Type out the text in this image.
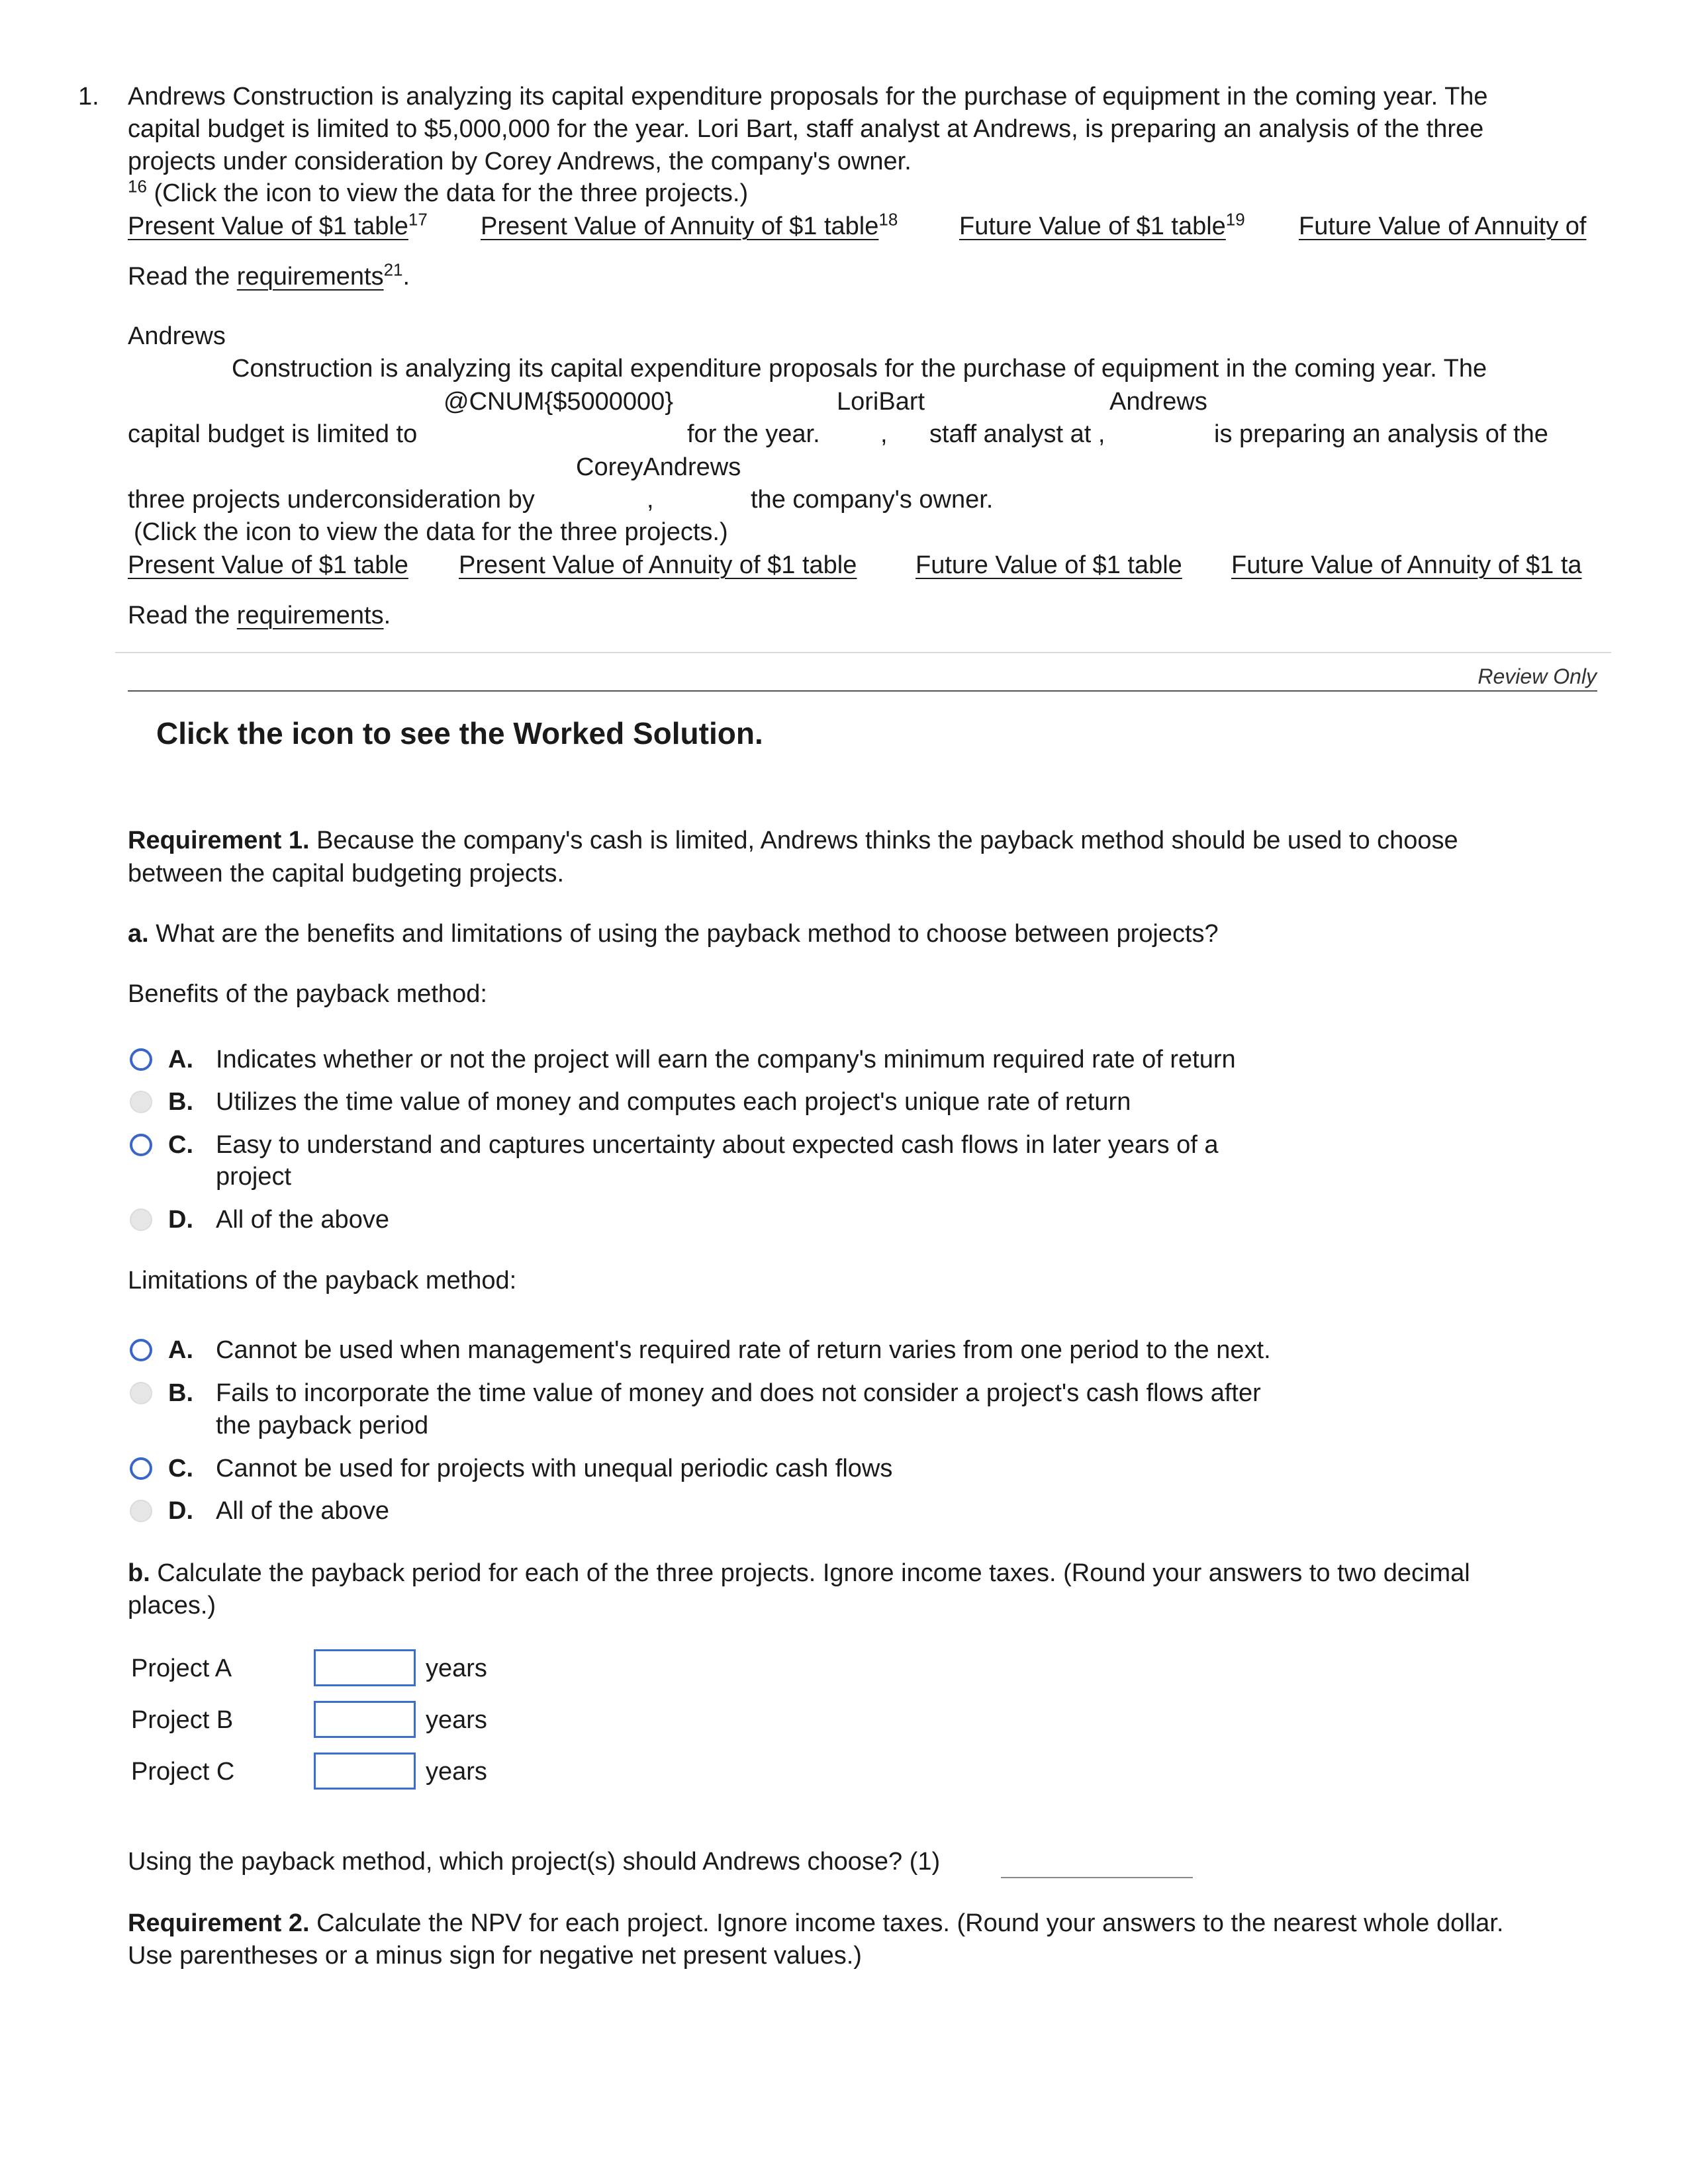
1. Andrews Construction is analyzing its capital expenditure proposals for the purchase of equipment in the coming year. The
capital budget is limited to $5,000,000 for the year. Lori Bart, staff analyst at Andrews, is preparing an analysis of the three
projects under consideration by Corey Andrews, the company's owner.
$^{16}$ (Click the icon to view the data for the three projects.)
Present Value of $1 table$^{17}$ Present Value of Annuity of $1 table$^{18}$ Future Value of $1 table$^{19}$ Future Value of Annuity of
Read the requirements$^{21}$.
Andrews
Construction is analyzing its capital expenditure proposals for the purchase of equipment in the coming year. The
@CNUM{$5000000}	LoriBart	Andrews
capital budget is limited to	for the year. , staff analyst at ,	is preparing an analysis of the
CoreyAndrews
three projects underconsideration by	,	the company's owner.
(Click the icon to view the data for the three projects.)
Present Value of $1 table Present Value of Annuity of $1 table Future Value of $1 table Future Value of Annuity of $1 ta
Read the requirements.
Review Only
Click the icon to see the Worked Solution.
Requirement 1. Because the company's cash is limited, Andrews thinks the payback method should be used to choose
between the capital budgeting projects.
a. What are the benefits and limitations of using the payback method to choose between projects?
Benefits of the payback method:
A. Indicates whether or not the project will earn the company's minimum required rate of return
B. Utilizes the time value of money and computes each project's unique rate of return
C. Easy to understand and captures uncertainty about expected cash flows in later years of a
project
D. All of the above
Limitations of the payback method:
A. Cannot be used when management's required rate of return varies from one period to the next.
B. Fails to incorporate the time value of money and does not consider a project's cash flows after
the payback period
C. Cannot be used for projects with unequal periodic cash flows
D. All of the above
b. Calculate the payback period for each of the three projects. Ignore income taxes. (Round your answers to two decimal
places.)
Project A	years
Project B	years
Project C	years
Using the payback method, which project(s) should Andrews choose? (1)
Requirement 2. Calculate the NPV for each project. Ignore income taxes. (Round your answers to the nearest whole dollar.
Use parentheses or a minus sign for negative net present values.)
